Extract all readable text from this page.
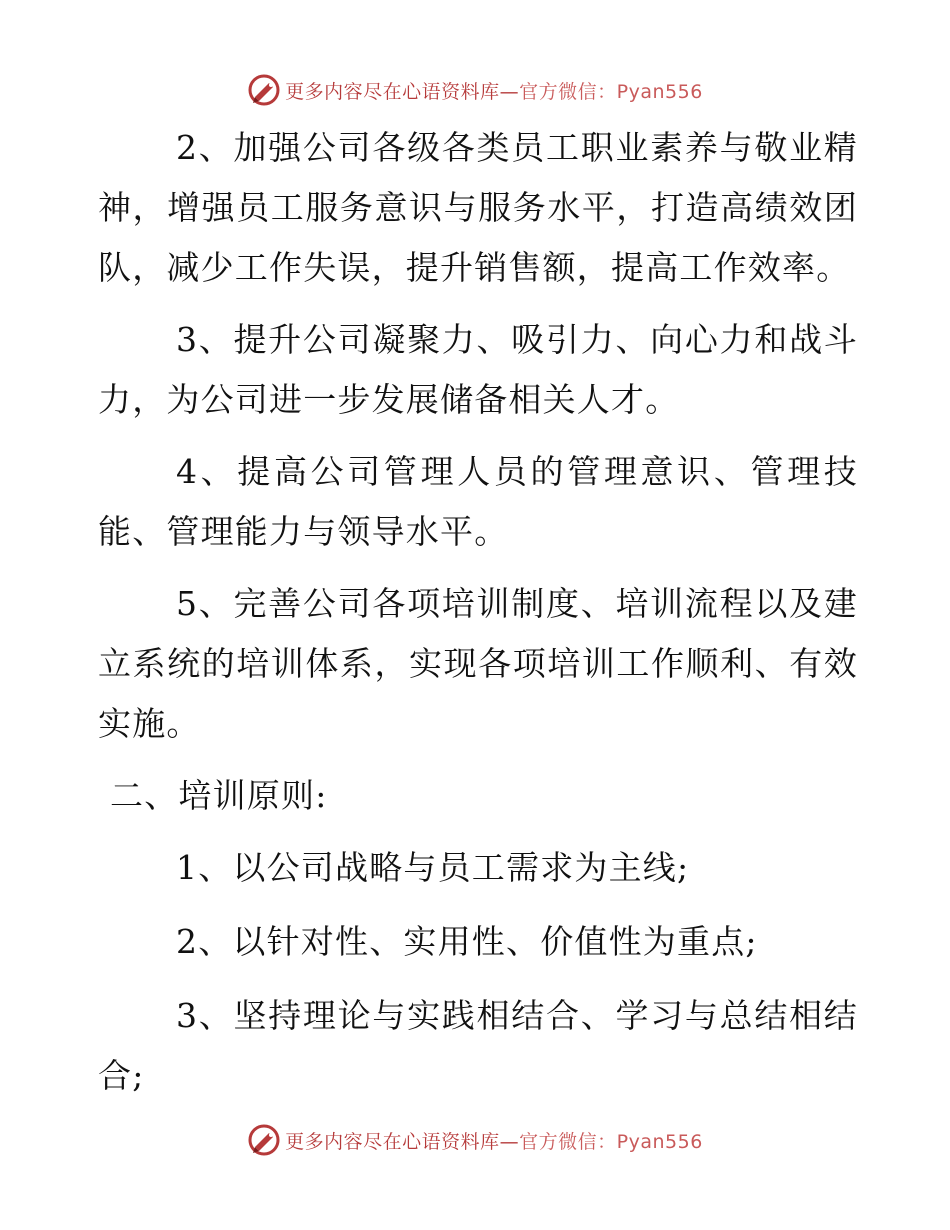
更多内容尽在心语资料库—官方微信：Pyan556

2、加强公司各级各类员工职业素养与敬业精神，增强员工服务意识与服务水平，打造高绩效团队，减少工作失误，提升销售额，提高工作效率。

3、提升公司凝聚力、吸引力、向心力和战斗力，为公司进一步发展储备相关人才。

4、提高公司管理人员的管理意识、管理技能、管理能力与领导水平。

5、完善公司各项培训制度、培训流程以及建立系统的培训体系，实现各项培训工作顺利、有效实施。

二、培训原则:

1、以公司战略与员工需求为主线;

2、以针对性、实用性、价值性为重点;

3、坚持理论与实践相结合、学习与总结相结合;

更多内容尽在心语资料库—官方微信：Pyan556
